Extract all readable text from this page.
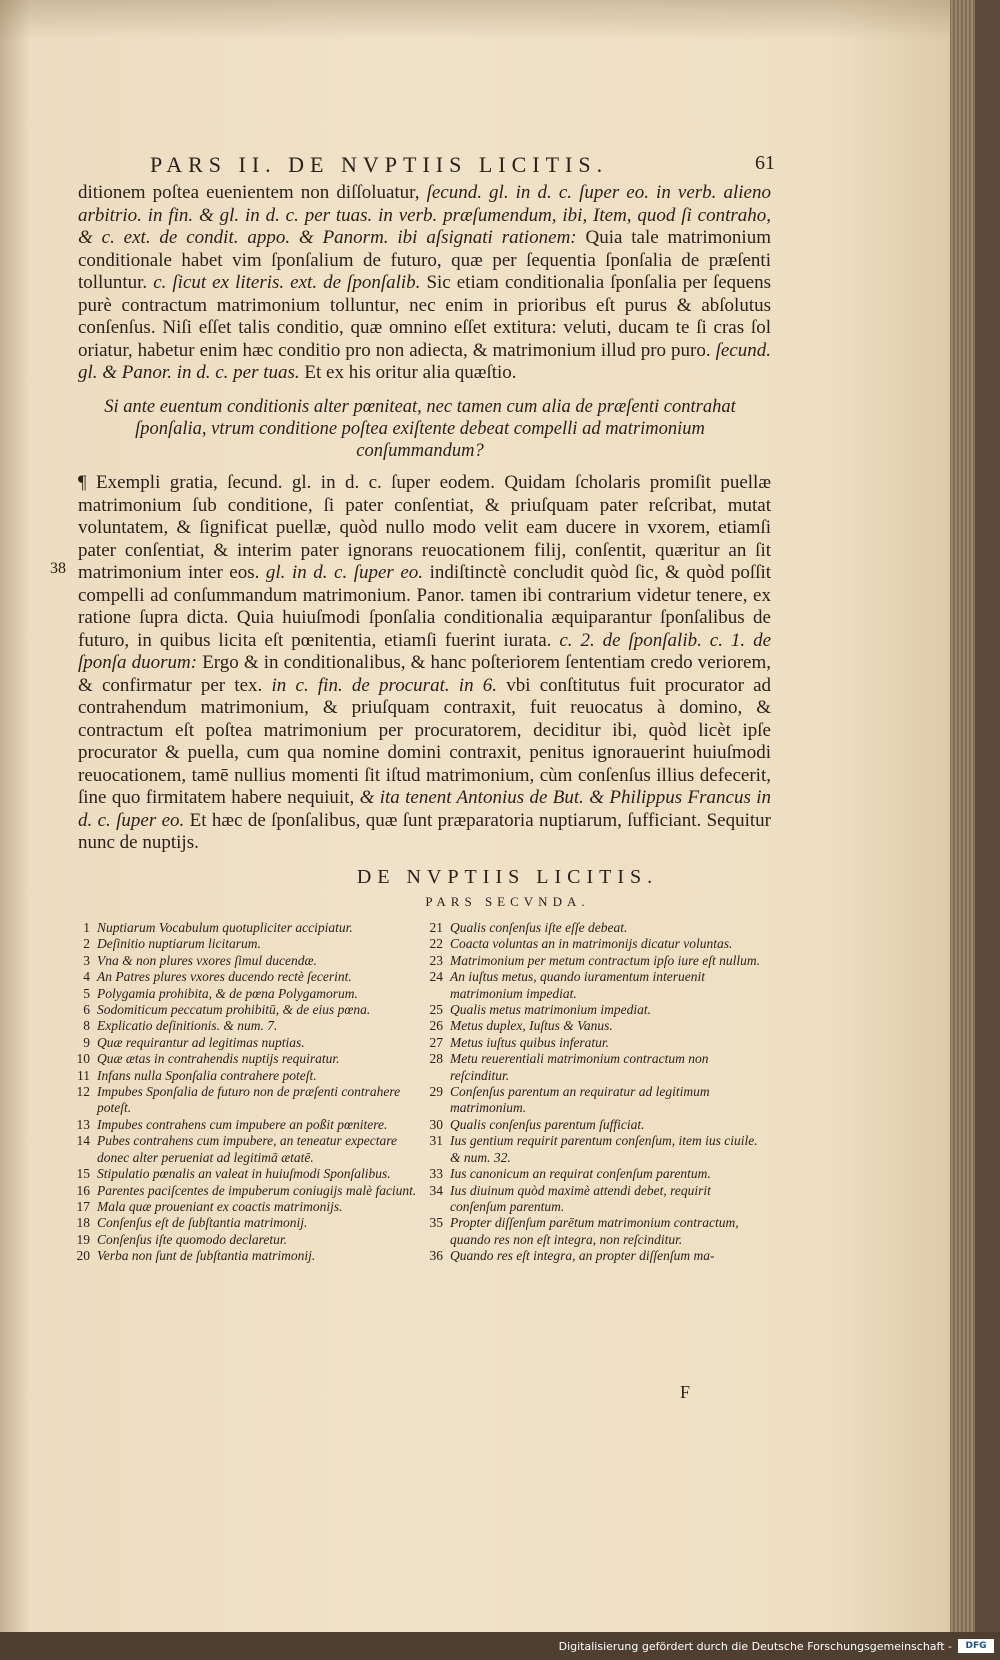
PARS II. DE NVPTIIS LICITIS.	61

ditionem poſtea euenientem non diſſoluatur, ſecund. gl. in d. c. ſuper eo. in verb. alieno arbitrio. in fin. & gl. in d. c. per tuas. in verb. præſumendum, ibi, Item, quod ſi contraho, & c. ext. de condit. appo. & Panorm. ibi aſsignati rationem: Quia tale matrimonium conditionale habet vim ſponſalium de futuro, quæ per ſequentia ſponſalia de præſenti tolluntur. c. ſicut ex literis. ext. de ſponſalib. Sic etiam conditionalia ſponſalia per ſequens purè contractum matrimonium tolluntur, nec enim in prioribus eſt purus & abſolutus conſenſus. Niſi eſſet talis conditio, quæ omnino eſſet extitura: veluti, ducam te ſi cras ſol oriatur, habetur enim hæc conditio pro non adiecta, & matrimonium illud pro puro. ſecund. gl. & Panor. in d. c. per tuas. Et ex his oritur alia quæſtio.

Si ante euentum conditionis alter pœniteat, nec tamen cum alia de præſenti contrahat ſponſalia, vtrum conditione poſtea exiſtente debeat compelli ad matrimonium conſummandum?
38

¶ Exempli gratia, ſecund. gl. in d. c. ſuper eodem. Quidam ſcholaris promiſit puellæ matrimonium ſub conditione, ſi pater conſentiat, & priuſquam pater reſcribat, mutat voluntatem, & ſignificat puellæ, quòd nullo modo velit eam ducere in vxorem, etiamſi pater conſentiat, & interim pater ignorans reuocationem filij, conſentit, quæritur an ſit matrimonium inter eos. gl. in d. c. ſuper eo. indiſtinctè concludit quòd ſic, & quòd poſſit compelli ad conſummandum matrimonium. Panor. tamen ibi contrarium videtur tenere, ex ratione ſupra dicta. Quia huiuſmodi ſponſalia conditionalia æquiparantur ſponſalibus de futuro, in quibus licita eſt pœnitentia, etiamſi fuerint iurata. c. 2. de ſponſalib. c. 1. de ſponſa duorum: Ergo & in conditionalibus, & hanc poſteriorem ſententiam credo veriorem, & confirmatur per tex. in c. fin. de procurat. in 6. vbi conſtitutus fuit procurator ad contrahendum matrimonium, & priuſquam contraxit, fuit reuocatus à domino, & contractum eſt poſtea matrimonium per procuratorem, deciditur ibi, quòd licèt ipſe procurator & puella, cum qua nomine domini contraxit, penitus ignorauerint huiuſmodi reuocationem, tamē nullius momenti ſit iſtud matrimonium, cùm conſenſus illius defecerit, ſine quo firmitatem habere nequiuit, & ita tenent Antonius de But. & Philippus Francus in d. c. ſuper eo. Et hæc de ſponſalibus, quæ ſunt præparatoria nuptiarum, ſufficiant. Sequitur nunc de nuptijs.

DE NVPTIIS LICITIS.
PARS SECVNDA.
1 Nuptiarum Vocabulum quotupliciter accipiatur.
2 Deſinitio nuptiarum licitarum.
3 Vna & non plures vxores ſimul ducendæ.
4 An Patres plures vxores ducendo rectè ſecerint.
5 Polygamia prohibita, & de pœna Polygamorum.
6 Sodomiticum peccatum prohibitū, & de eius pœna.
8 Explicatio deſinitionis. & num. 7.
9 Quæ requirantur ad legitimas nuptias.
10 Quæ ætas in contrahendis nuptijs requiratur.
11 Infans nulla Sponſalia contrahere poteſt.
12 Impubes Sponſalia de futuro non de præſenti contrahere poteſt.
13 Impubes contrahens cum impubere an poßit pœnitere.
14 Pubes contrahens cum impubere, an teneatur expectare donec alter perueniat ad legitimā ætatē.
15 Stipulatio pœnalis an valeat in huiuſmodi Sponſalibus.
16 Parentes paciſcentes de impuberum coniugijs malè faciunt.
17 Mala quæ proueniant ex coactis matrimonijs.
18 Conſenſus eſt de ſubſtantia matrimonij.
19 Conſenſus iſte quomodo declaretur.
20 Verba non ſunt de ſubſtantia matrimonij.
21 Qualis conſenſus iſte eſſe debeat.
22 Coacta voluntas an in matrimonijs dicatur voluntas.
23 Matrimonium per metum contractum ipſo iure eſt nullum.
24 An iuſtus metus, quando iuramentum interuenit matrimonium impediat.
25 Qualis metus matrimonium impediat.
26 Metus duplex, Iuſtus & Vanus.
27 Metus iuſtus quibus inferatur.
28 Metu reuerentiali matrimonium contractum non reſcinditur.
29 Conſenſus parentum an requiratur ad legitimum matrimonium.
30 Qualis conſenſus parentum ſufficiat.
31 Ius gentium requirit parentum conſenſum, item ius ciuile. & num. 32.
33 Ius canonicum an requirat conſenſum parentum.
34 Ius diuinum quòd maximè attendi debet, requirit conſenſum parentum.
35 Propter diſſenſum parētum matrimonium contractum, quando res non eſt integra, non reſcinditur.
36 Quando res eſt integra, an propter diſſenſum ma-
F
Digitalisierung gefördert durch die Deutsche Forschungsgemeinschaft -	DFG
